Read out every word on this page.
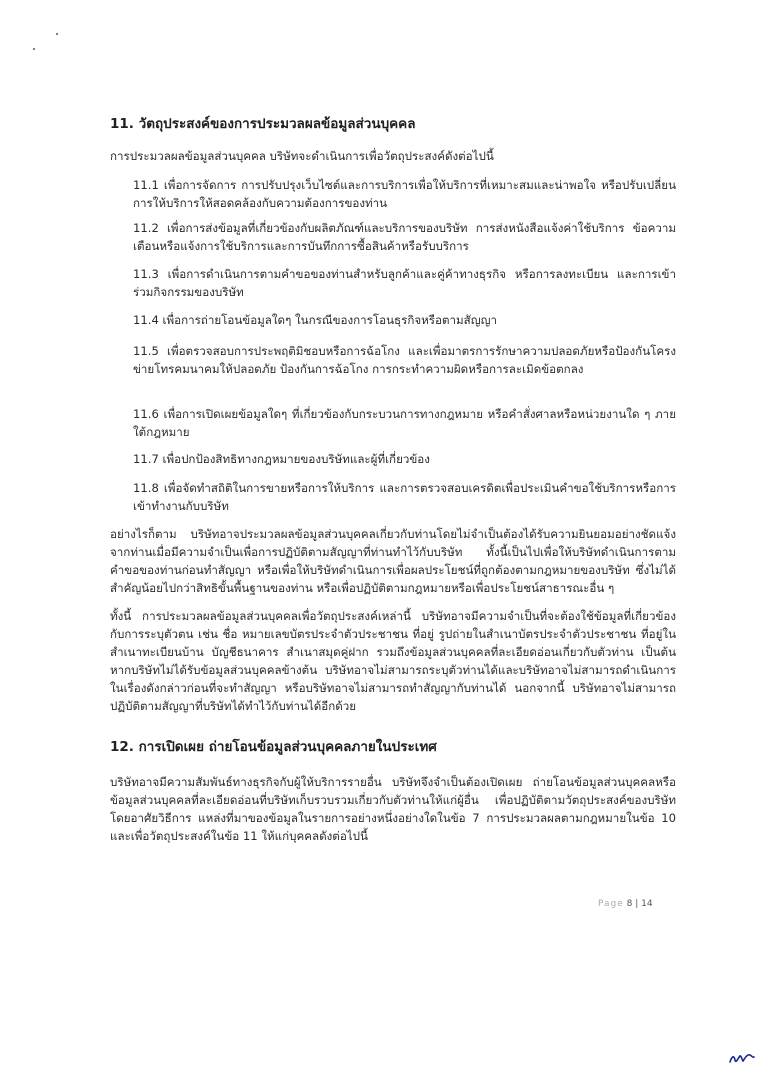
11. วัตถุประสงค์ของการประมวลผลข้อมูลส่วนบุคคล

การประมวลผลข้อมูลส่วนบุคคล บริษัทจะดำเนินการเพื่อวัตถุประสงค์ดังต่อไปนี้

11.1 เพื่อการจัดการ การปรับปรุงเว็บไซต์และการบริการเพื่อให้บริการที่เหมาะสมและน่าพอใจ หรือปรับเปลี่ยนการให้บริการให้สอดคล้องกับความต้องการของท่าน

11.2 เพื่อการส่งข้อมูลที่เกี่ยวข้องกับผลิตภัณฑ์และบริการของบริษัท การส่งหนังสือแจ้งค่าใช้บริการ ข้อความเตือนหรือแจ้งการใช้บริการและการบันทึกการซื้อสินค้าหรือรับบริการ

11.3 เพื่อการดำเนินการตามคำขอของท่านสำหรับลูกค้าและคู่ค้าทางธุรกิจ หรือการลงทะเบียน และการเข้าร่วมกิจกรรมของบริษัท

11.4 เพื่อการถ่ายโอนข้อมูลใดๆ ในกรณีของการโอนธุรกิจหรือตามสัญญา

11.5 เพื่อตรวจสอบการประพฤติมิชอบหรือการฉ้อโกง และเพื่อมาตรการรักษาความปลอดภัยหรือป้องกันโครงข่ายโทรคมนาคมให้ปลอดภัย ป้องกันการฉ้อโกง การกระทำความผิดหรือการละเมิดข้อตกลง

11.6 เพื่อการเปิดเผยข้อมูลใดๆ ที่เกี่ยวข้องกับกระบวนการทางกฎหมาย หรือคำสั่งศาลหรือหน่วยงานใด ๆ ภายใต้กฎหมาย

11.7 เพื่อปกป้องสิทธิทางกฎหมายของบริษัทและผู้ที่เกี่ยวข้อง

11.8 เพื่อจัดทำสถิติในการขายหรือการให้บริการ และการตรวจสอบเครดิตเพื่อประเมินคำขอใช้บริการหรือการเข้าทำงานกับบริษัท

อย่างไรก็ตาม บริษัทอาจประมวลผลข้อมูลส่วนบุคคลเกี่ยวกับท่านโดยไม่จำเป็นต้องได้รับความยินยอมอย่างชัดแจ้งจากท่านเมื่อมีความจำเป็นเพื่อการปฏิบัติตามสัญญาที่ท่านทำไว้กับบริษัท ทั้งนี้เป็นไปเพื่อให้บริษัทดำเนินการตามคำขอของท่านก่อนทำสัญญา หรือเพื่อให้บริษัทดำเนินการเพื่อผลประโยชน์ที่ถูกต้องตามกฎหมายของบริษัท ซึ่งไม่ได้สำคัญน้อยไปกว่าสิทธิขั้นพื้นฐานของท่าน หรือเพื่อปฏิบัติตามกฎหมายหรือเพื่อประโยชน์สาธารณะอื่น ๆ

ทั้งนี้ การประมวลผลข้อมูลส่วนบุคคลเพื่อวัตถุประสงค์เหล่านี้ บริษัทอาจมีความจำเป็นที่จะต้องใช้ข้อมูลที่เกี่ยวข้องกับการระบุตัวตน เช่น ชื่อ หมายเลขบัตรประจำตัวประชาชน ที่อยู่ รูปถ่ายในสำเนาบัตรประจำตัวประชาชน ที่อยู่ในสำเนาทะเบียนบ้าน บัญชีธนาคาร สำเนาสมุดคู่ฝาก รวมถึงข้อมูลส่วนบุคคลที่ละเอียดอ่อนเกี่ยวกับตัวท่าน เป็นต้น หากบริษัทไม่ได้รับข้อมูลส่วนบุคคลข้างต้น บริษัทอาจไม่สามารถระบุตัวท่านได้และบริษัทอาจไม่สามารถดำเนินการในเรื่องดังกล่าวก่อนที่จะทำสัญญา หรือบริษัทอาจไม่สามารถทำสัญญากับท่านได้ นอกจากนี้ บริษัทอาจไม่สามารถปฏิบัติตามสัญญาที่บริษัทได้ทำไว้กับท่านได้อีกด้วย

12. การเปิดเผย ถ่ายโอนข้อมูลส่วนบุคคลภายในประเทศ

บริษัทอาจมีความสัมพันธ์ทางธุรกิจกับผู้ให้บริการรายอื่น บริษัทจึงจำเป็นต้องเปิดเผย ถ่ายโอนข้อมูลส่วนบุคคลหรือข้อมูลส่วนบุคคลที่ละเอียดอ่อนที่บริษัทเก็บรวบรวมเกี่ยวกับตัวท่านให้แก่ผู้อื่น เพื่อปฏิบัติตามวัตถุประสงค์ของบริษัท โดยอาศัยวิธีการ แหล่งที่มาของข้อมูลในรายการอย่างหนึ่งอย่างใดในข้อ 7 การประมวลผลตามกฎหมายในข้อ 10 และเพื่อวัตถุประสงค์ในข้อ 11 ให้แก่บุคคลดังต่อไปนี้

Page 8 | 14
